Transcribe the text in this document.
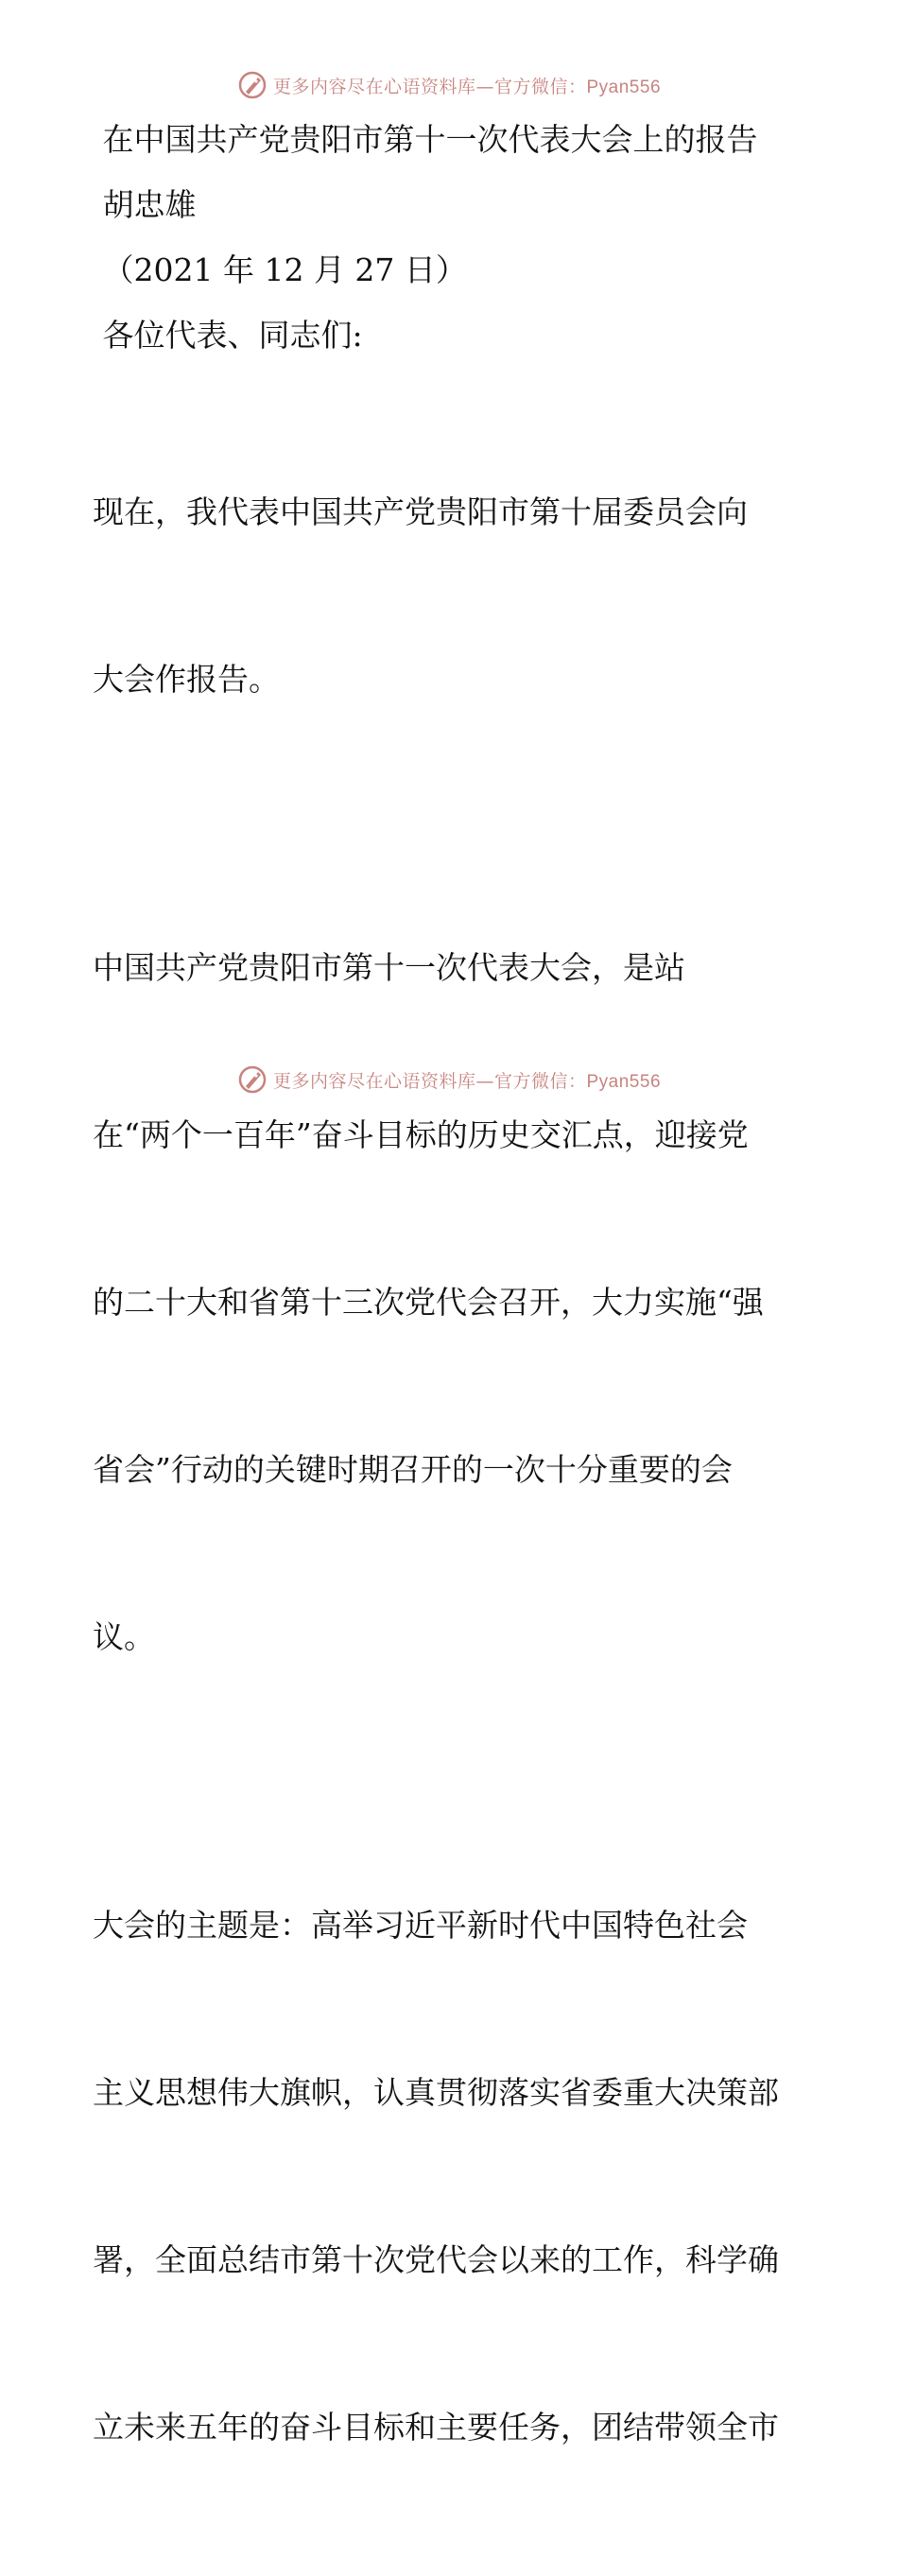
更多内容尽在心语资料库—官方微信：Pyan556

在中国共产党贵阳市第十一次代表大会上的报告

胡忠雄

（2021 年 12 月 27 日）

各位代表、同志们:

现在，我代表中国共产党贵阳市第十届委员会向

大会作报告。

中国共产党贵阳市第十一次代表大会，是站

在“两个一百年”奋斗目标的历史交汇点，迎接党

的二十大和省第十三次党代会召开，大力实施“强

省会”行动的关键时期召开的一次十分重要的会

议。

大会的主题是：高举习近平新时代中国特色社会

主义思想伟大旗帜，认真贯彻落实省委重大决策部

署，全面总结市第十次党代会以来的工作，科学确

立未来五年的奋斗目标和主要任务，团结带领全市

更多内容尽在心语资料库—官方微信：Pyan556
